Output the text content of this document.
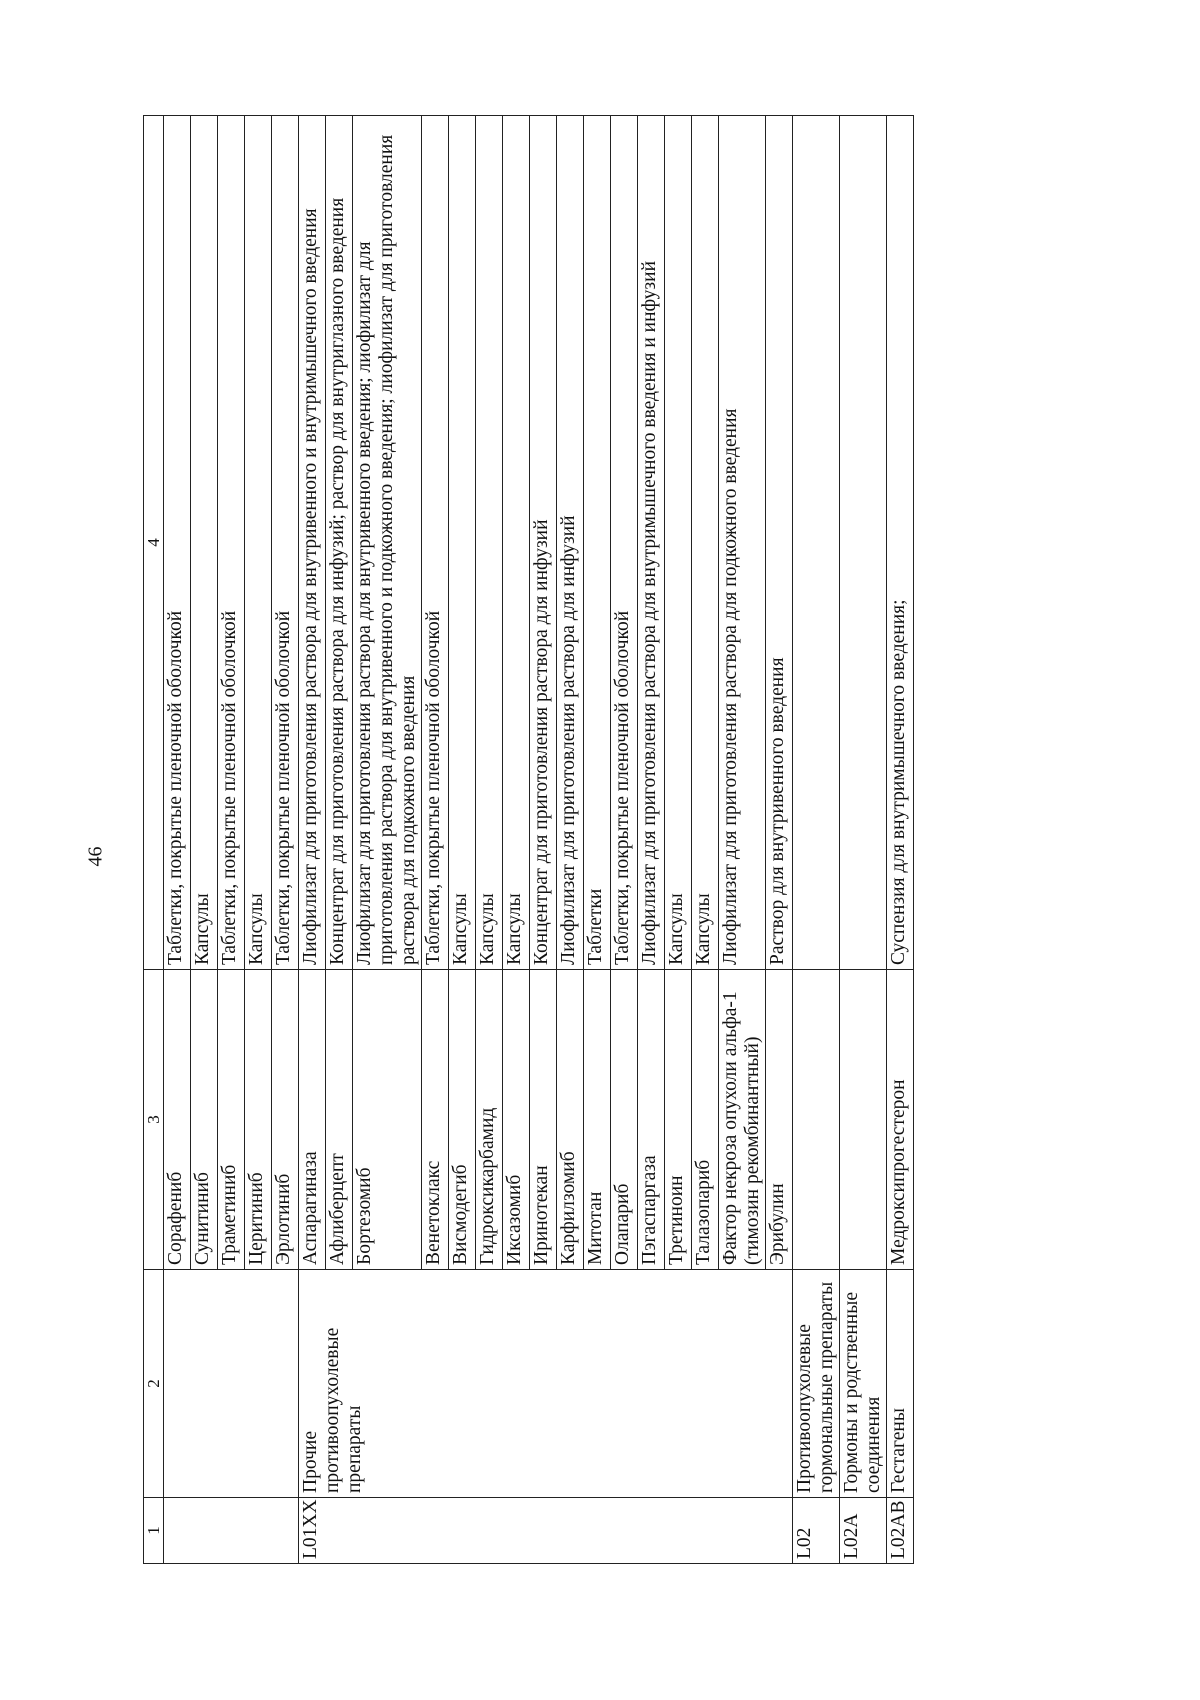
46
1	2	3	4
		Сорафениб	Таблетки, покрытые пленочной оболочкой
		Сунитиниб	Капсулы
		Траметиниб	Таблетки, покрытые пленочной оболочкой
		Церитиниб	Капсулы
		Эрлотиниб	Таблетки, покрытые пленочной оболочкой
L01XX	Прочие противоопухолевые препараты	Аспарагиназа	Лиофилизат для приготовления раствора для внутривенного и внутримышечного введения
		Афлиберцепт	Концентрат для приготовления раствора для инфузий; раствор для внутриглазного введения
		Бортезомиб	Лиофилизат для приготовления раствора для внутривенного введения; лиофилизат для приготовления раствора для внутривенного и подкожного введения; лиофилизат для приготовления раствора для подкожного введения
		Венетоклакс	Таблетки, покрытые пленочной оболочкой
		Висмодегиб	Капсулы
		Гидроксикарбамид	Капсулы
		Иксазомиб	Капсулы
		Иринотекан	Концентрат для приготовления раствора для инфузий
		Карфилзомиб	Лиофилизат для приготовления раствора для инфузий
		Митотан	Таблетки
		Олапариб	Таблетки, покрытые пленочной оболочкой
		Пэгаспаргаза	Лиофилизат для приготовления раствора для внутримышечного введения и инфузий
		Третиноин	Капсулы
		Талазопариб	Капсулы
		Фактор некроза опухоли альфа-1 (тимозин рекомбинантный)	Лиофилизат для приготовления раствора для подкожного введения
		Эрибулин	Раствор для внутривенного введения
L02	Противоопухолевые гормональные препараты		
L02A	Гормоны и родственные соединения		
L02AB	Гестагены	Медроксипрогестерон	Суспензия для внутримышечного введения;
